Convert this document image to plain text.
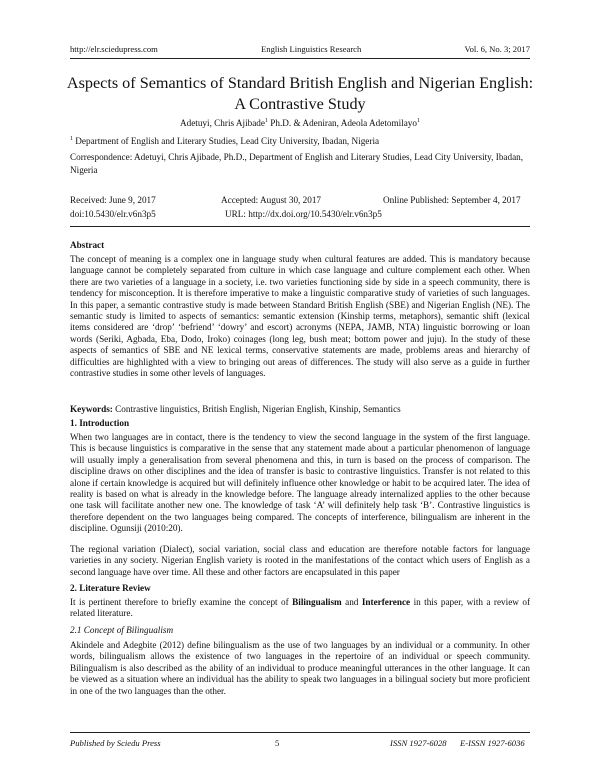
http://elr.sciedupress.com	English Linguistics Research	Vol. 6, No. 3; 2017
Aspects of Semantics of Standard British English and Nigerian English:
A Contrastive Study
Adetuyi, Chris Ajibade$^1$ Ph.D. & Adeniran, Adeola Adetomilayo$^1$
$^1$ Department of English and Literary Studies, Lead City University, Ibadan, Nigeria
Correspondence: Adetuyi, Chris Ajibade, Ph.D., Department of English and Literary Studies, Lead City University, Ibadan, Nigeria
Received: June 9, 2017	Accepted: August 30, 2017	Online Published: September 4, 2017
doi:10.5430/elr.v6n3p5	URL: http://dx.doi.org/10.5430/elr.v6n3p5
Abstract
The concept of meaning is a complex one in language study when cultural features are added. This is mandatory because language cannot be completely separated from culture in which case language and culture complement each other. When there are two varieties of a language in a society, i.e. two varieties functioning side by side in a speech community, there is tendency for misconception. It is therefore imperative to make a linguistic comparative study of varieties of such languages. In this paper, a semantic contrastive study is made between Standard British English (SBE) and Nigerian English (NE). The semantic study is limited to aspects of semantics: semantic extension (Kinship terms, metaphors), semantic shift (lexical items considered are ‘drop’ ‘befriend’ ‘dowry’ and escort) acronyms (NEPA, JAMB, NTA) linguistic borrowing or loan words (Seriki, Agbada, Eba, Dodo, Iroko) coinages (long leg, bush meat; bottom power and juju). In the study of these aspects of semantics of SBE and NE lexical terms, conservative statements are made, problems areas and hierarchy of difficulties are highlighted with a view to bringing out areas of differences. The study will also serve as a guide in further contrastive studies in some other levels of languages.
Keywords: Contrastive linguistics, British English, Nigerian English, Kinship, Semantics
1. Introduction
When two languages are in contact, there is the tendency to view the second language in the system of the first language. This is because linguistics is comparative in the sense that any statement made about a particular phenomenon of language will usually imply a generalisation from several phenomena and this, in turn is based on the process of comparison. The discipline draws on other disciplines and the idea of transfer is basic to contrastive linguistics. Transfer is not related to this alone if certain knowledge is acquired but will definitely influence other knowledge or habit to be acquired later. The idea of reality is based on what is already in the knowledge before. The language already internalized applies to the other because one task will facilitate another new one. The knowledge of task ‘A’ will definitely help task ‘B’. Contrastive linguistics is therefore dependent on the two languages being compared. The concepts of interference, bilingualism are inherent in the discipline. Ogunsiji (2010:20).
The regional variation (Dialect), social variation, social class and education are therefore notable factors for language varieties in any society. Nigerian English variety is rooted in the manifestations of the contact which users of English as a second language have over time. All these and other factors are encapsulated in this paper
2. Literature Review
It is pertinent therefore to briefly examine the concept of Bilingualism and Interference in this paper, with a review of related literature.
2.1 Concept of Bilingualism
Akindele and Adegbite (2012) define bilingualism as the use of two languages by an individual or a community. In other words, bilingualism allows the existence of two languages in the repertoire of an individual or speech community. Bilingualism is also described as the ability of an individual to produce meaningful utterances in the other language. It can be viewed as a situation where an individual has the ability to speak two languages in a bilingual society but more proficient in one of the two languages than the other.
Published by Sciedu Press	5	ISSN 1927-6028 E-ISSN 1927-6036
